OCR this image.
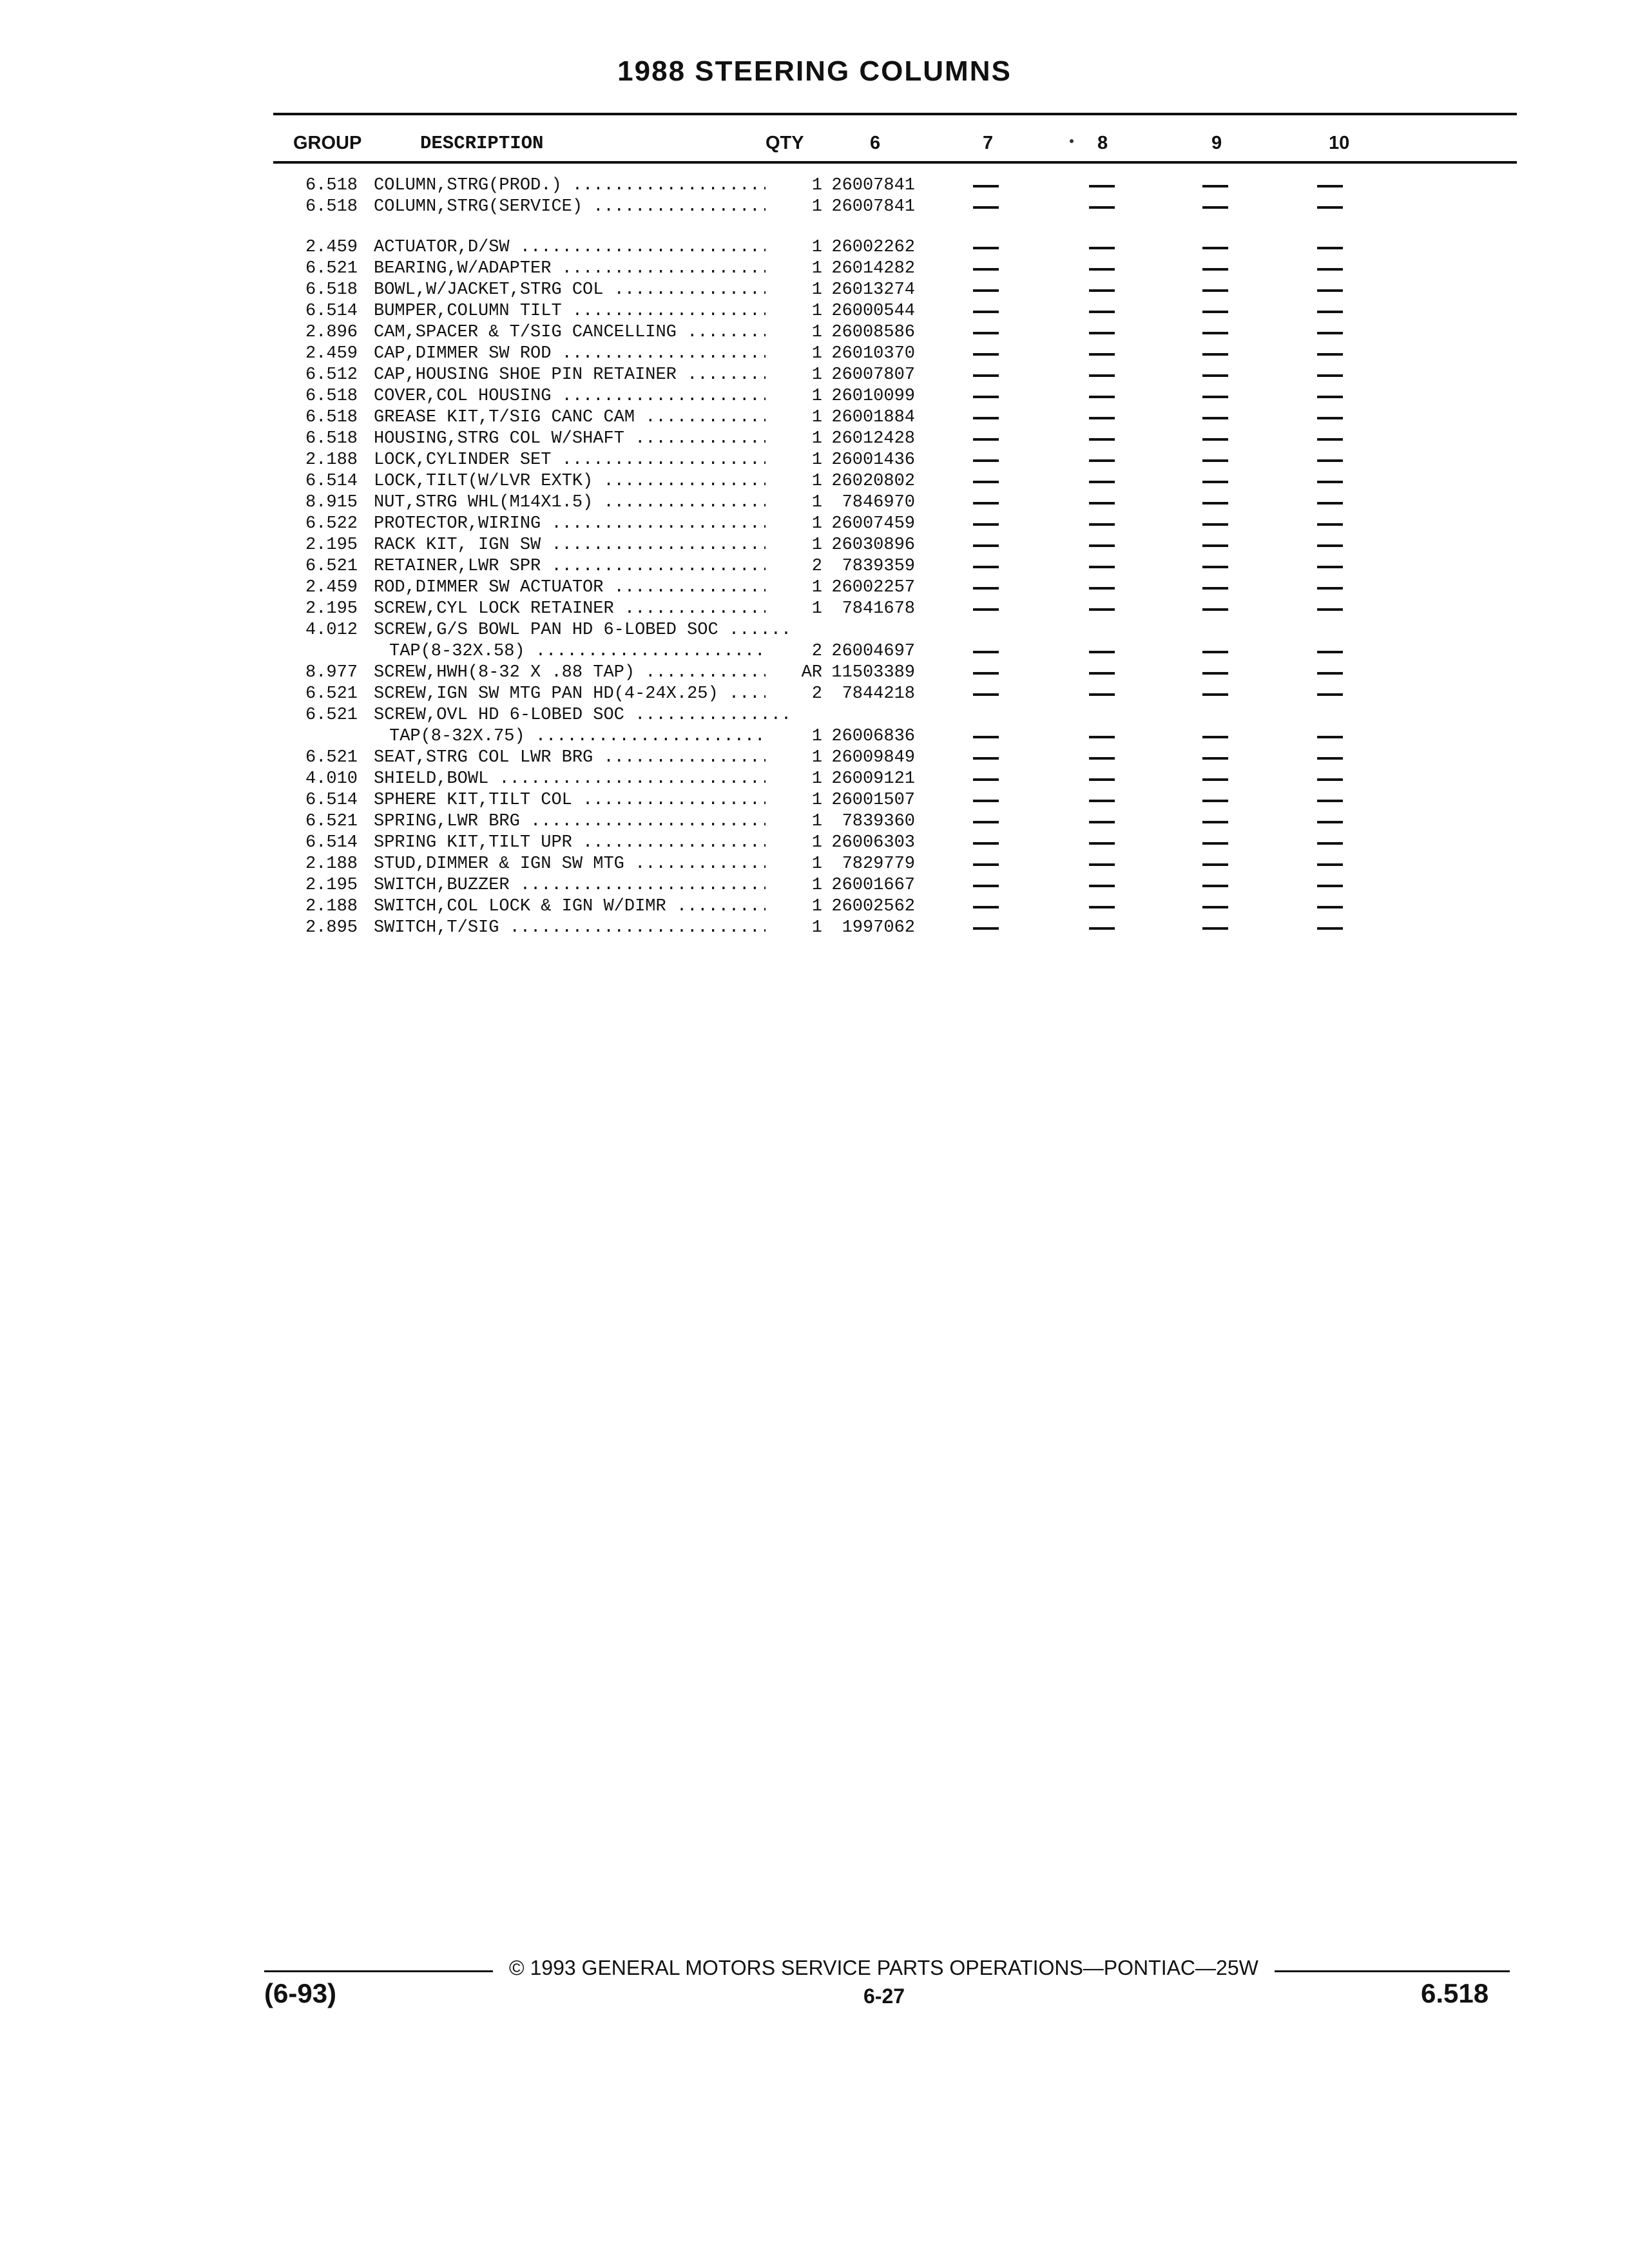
1988 STEERING COLUMNS
GROUP	DESCRIPTION	QTY	6	7	8	9	10
6.518 COLUMN,STRG(PROD.) .....	1 26007841
6.518 COLUMN,STRG(SERVICE) .....	1 26007841
2.459 ACTUATOR,D/SW .....	1 26002262
6.521 BEARING,W/ADAPTER .....	1 26014282
6.518 BOWL,W/JACKET,STRG COL .....	1 26013274
6.514 BUMPER,COLUMN TILT .....	1 26000544
2.896 CAM,SPACER & T/SIG CANCELLING .....	1 26008586
2.459 CAP,DIMMER SW ROD .....	1 26010370
6.512 CAP,HOUSING SHOE PIN RETAINER .....	1 26007807
6.518 COVER,COL HOUSING .....	1 26010099
6.518 GREASE KIT,T/SIG CANC CAM .....	1 26001884
6.518 HOUSING,STRG COL W/SHAFT .....	1 26012428
2.188 LOCK,CYLINDER SET .....	1 26001436
6.514 LOCK,TILT(W/LVR EXTK) .....	1 26020802
8.915 NUT,STRG WHL(M14X1.5) .....	1	7846970
6.522 PROTECTOR,WIRING .....	1 26007459
2.195 RACK KIT, IGN SW .....	1 26030896
6.521 RETAINER,LWR SPR .....	2	7839359
2.459 ROD,DIMMER SW ACTUATOR .....	1 26002257
2.195 SCREW,CYL LOCK RETAINER .....	1	7841678
4.012 SCREW,G/S BOWL PAN HD 6-LOBED SOC .....
TAP(8-32X.58) .....	2 26004697
8.977 SCREW,HWH(8-32 X .88 TAP) .....	AR 11503389
6.521 SCREW,IGN SW MTG PAN HD(4-24X.25) .....	2	7844218
6.521 SCREW,OVL HD 6-LOBED SOC .....
TAP(8-32X.75) .....	1 26006836
6.521 SEAT,STRG COL LWR BRG .....	1 26009849
4.010 SHIELD,BOWL .....	1 26009121
6.514 SPHERE KIT,TILT COL .....	1 26001507
6.521 SPRING,LWR BRG .....	1	7839360
6.514 SPRING KIT,TILT UPR .....	1 26006303
2.188 STUD,DIMMER & IGN SW MTG .....	1	7829779
2.195 SWITCH,BUZZER .....	1 26001667
2.188 SWITCH,COL LOCK & IGN W/DIMR .....	1 26002562
2.895 SWITCH,T/SIG .....	1	1997062
© 1993 GENERAL MOTORS SERVICE PARTS OPERATIONS—PONTIAC—25W
(6-93)	6-27	6.518
